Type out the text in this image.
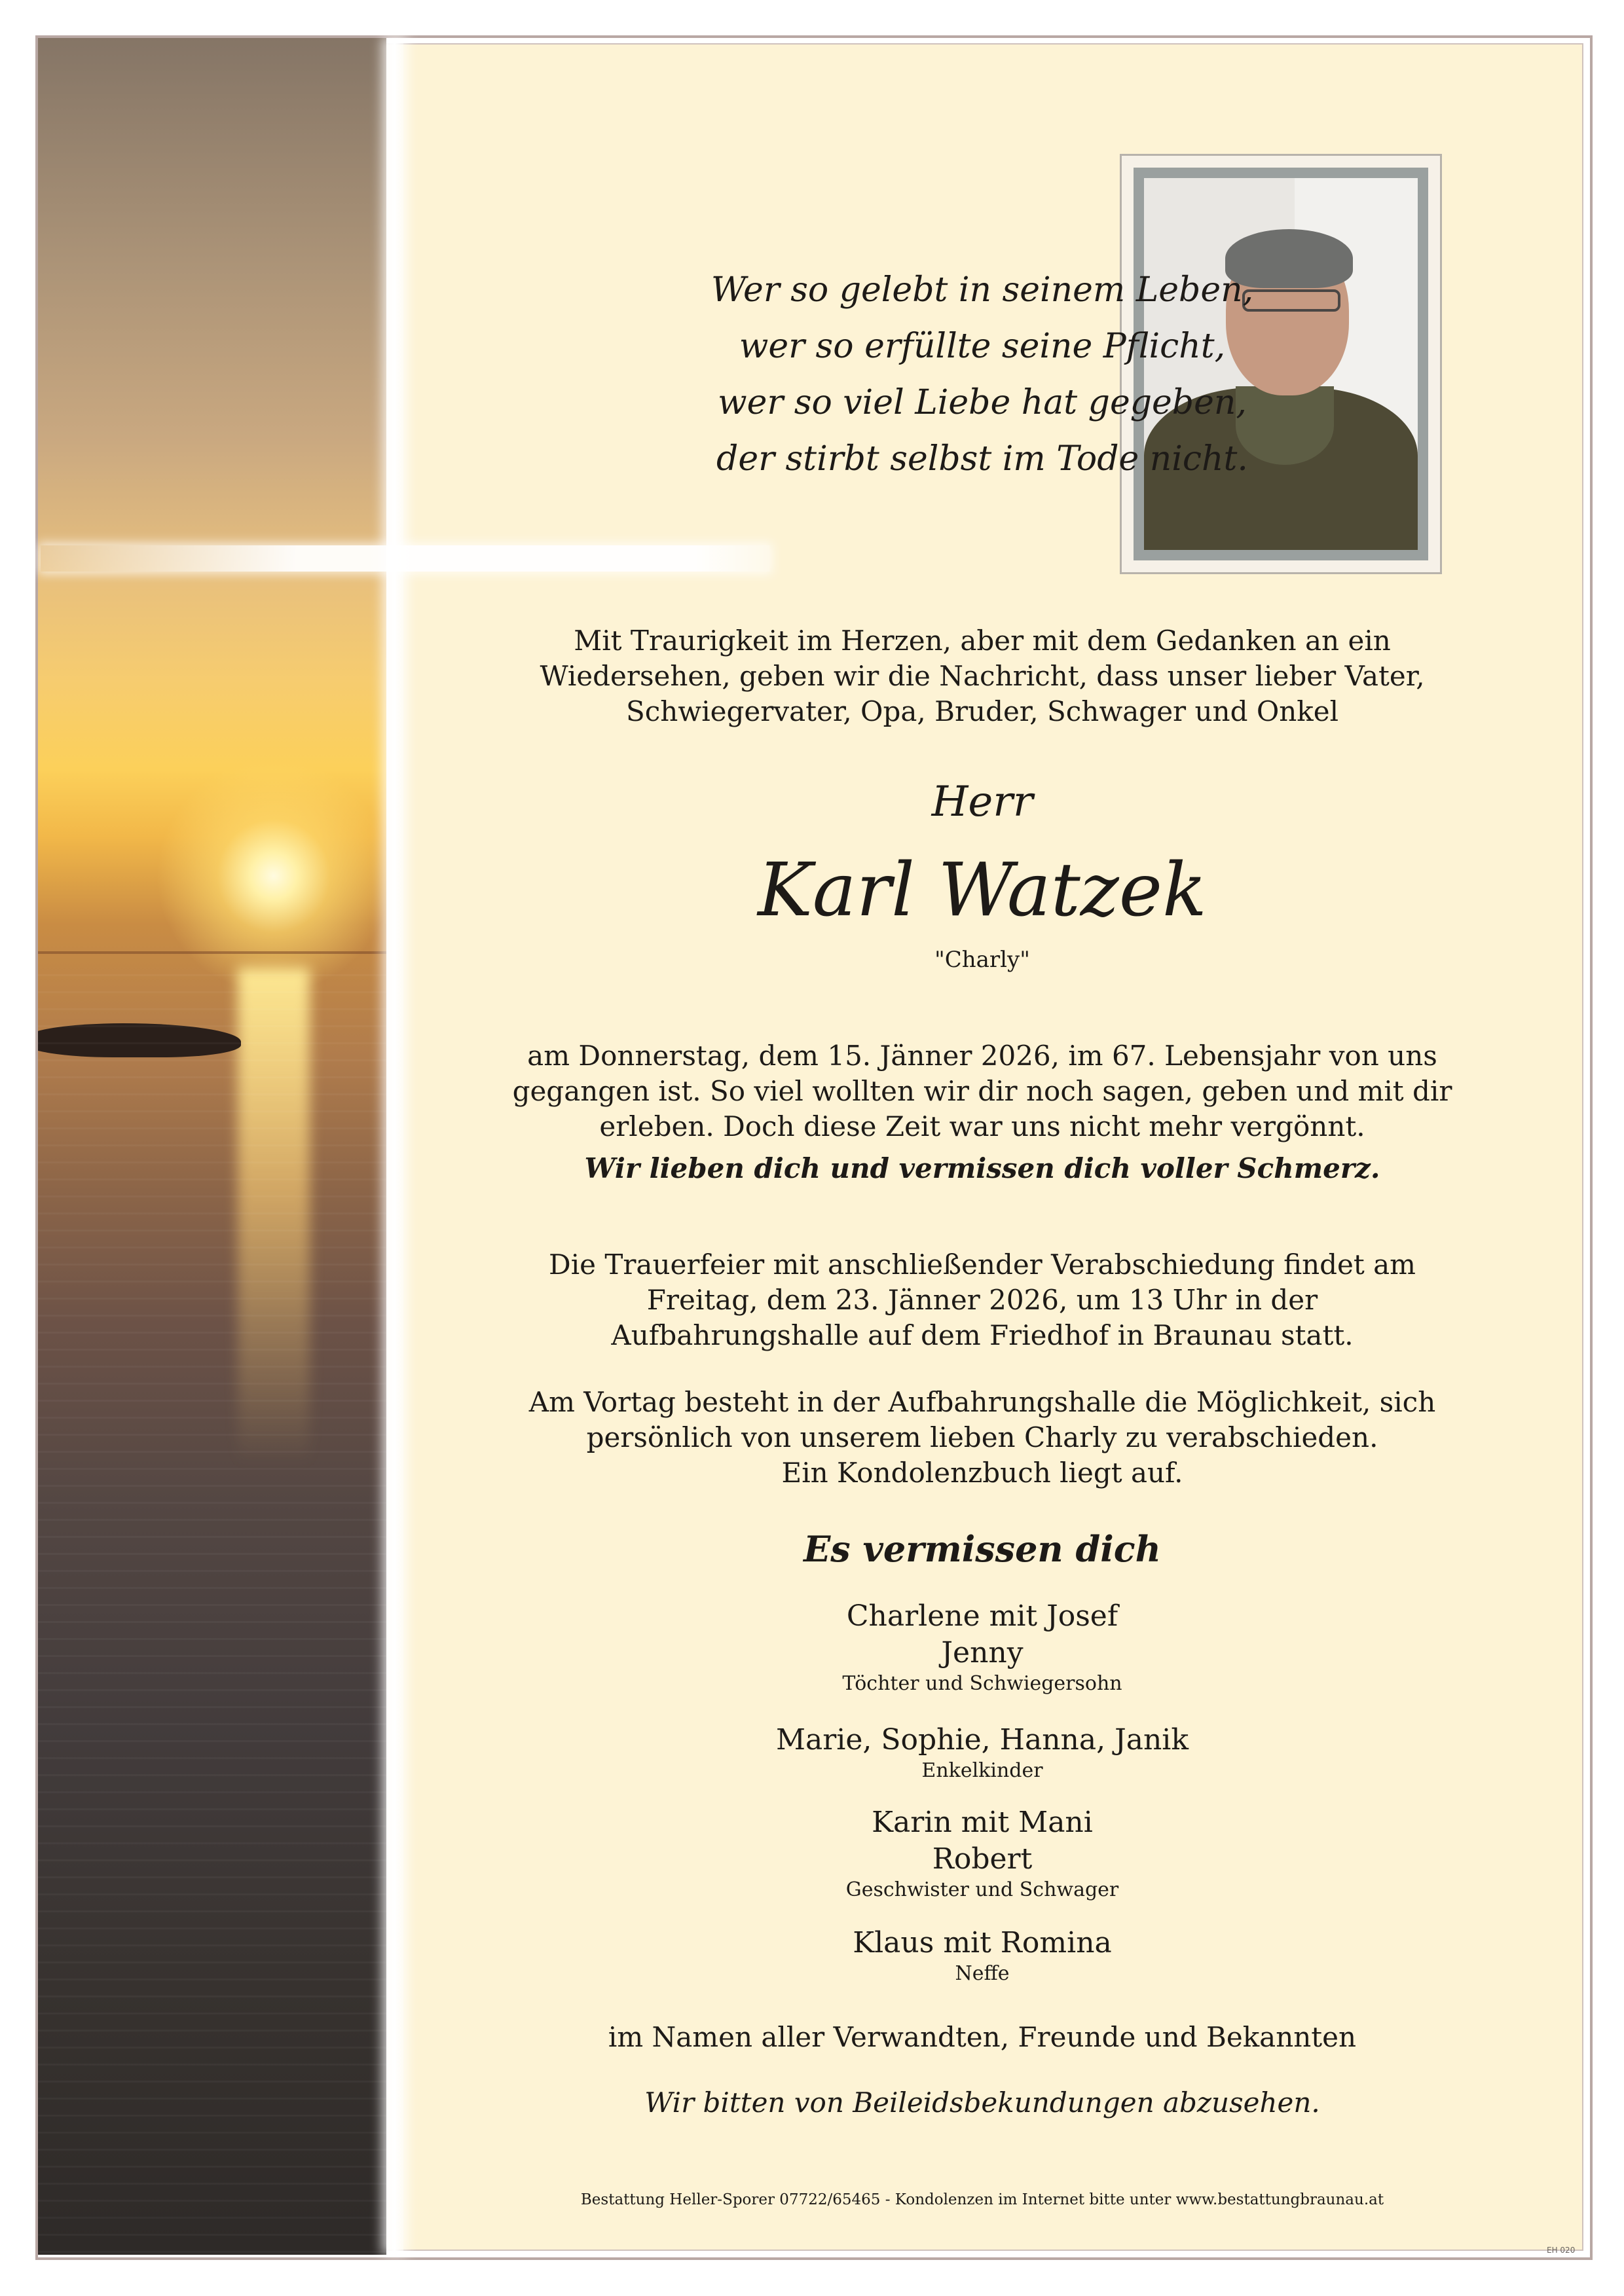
Wer so gelebt in seinem Leben,
wer so erfüllte seine Pflicht,
wer so viel Liebe hat gegeben,
der stirbt selbst im Tode nicht.
Mit Traurigkeit im Herzen, aber mit dem Gedanken an ein
Wiedersehen, geben wir die Nachricht, dass unser lieber Vater,
Schwiegervater, Opa, Bruder, Schwager und Onkel
Herr
Karl Watzek
"Charly"
am Donnerstag, dem 15. Jänner 2026, im 67. Lebensjahr von uns
gegangen ist. So viel wollten wir dir noch sagen, geben und mit dir
erleben. Doch diese Zeit war uns nicht mehr vergönnt.
Wir lieben dich und vermissen dich voller Schmerz.
Die Trauerfeier mit anschließender Verabschiedung findet am
Freitag, dem 23. Jänner 2026, um 13 Uhr in der
Aufbahrungshalle auf dem Friedhof in Braunau statt.
Am Vortag besteht in der Aufbahrungshalle die Möglichkeit, sich
persönlich von unserem lieben Charly zu verabschieden.
Ein Kondolenzbuch liegt auf.
Es vermissen dich
Charlene mit Josef
Jenny
Töchter und Schwiegersohn
Marie, Sophie, Hanna, Janik
Enkelkinder
Karin mit Mani
Robert
Geschwister und Schwager
Klaus mit Romina
Neffe
im Namen aller Verwandten, Freunde und Bekannten
Wir bitten von Beileidsbekundungen abzusehen.
Bestattung Heller-Sporer 07722/65465 - Kondolenzen im Internet bitte unter www.bestattungbraunau.at
EH 020
